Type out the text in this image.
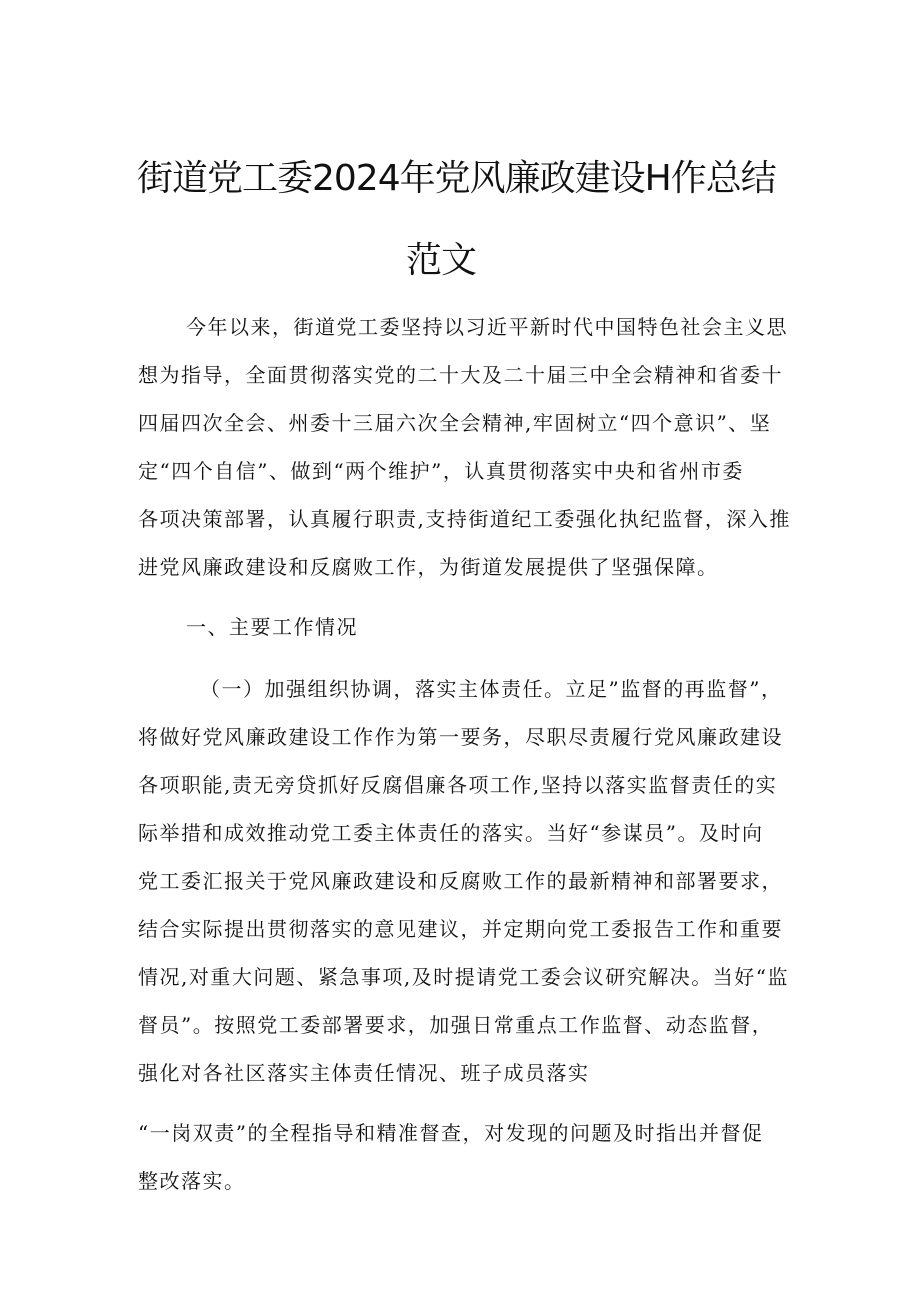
街道党工委2024年党风廉政建设H作总结
范文
今年以来，街道党工委坚持以习近平新时代中国特色社会主义思
想为指导，全面贯彻落实党的二十大及二十届三中全会精神和省委十
四届四次全会、州委十三届六次全会精神,牢固树立“四个意识”、坚
定“四个自信”、做到“两个维护”，认真贯彻落实中央和省州市委
各项决策部署，认真履行职责,支持街道纪工委强化执纪监督，深入推
进党风廉政建设和反腐败工作，为街道发展提供了坚强保障。
一、主要工作情况
（一）加强组织协调，落实主体责任。立足”监督的再监督”，
将做好党风廉政建设工作作为第一要务，尽职尽责履行党风廉政建设
各项职能,责无旁贷抓好反腐倡廉各项工作,坚持以落实监督责任的实
际举措和成效推动党工委主体责任的落实。当好“参谋员”。及时向
党工委汇报关于党风廉政建设和反腐败工作的最新精神和部署要求，
结合实际提出贯彻落实的意见建议，并定期向党工委报告工作和重要
情况,对重大问题、紧急事项,及时提请党工委会议研究解决。当好“监
督员”。按照党工委部署要求，加强日常重点工作监督、动态监督，
强化对各社区落实主体责任情况、班子成员落实
“一岗双责”的全程指导和精准督查，对发现的问题及时指出并督促
整改落实。
